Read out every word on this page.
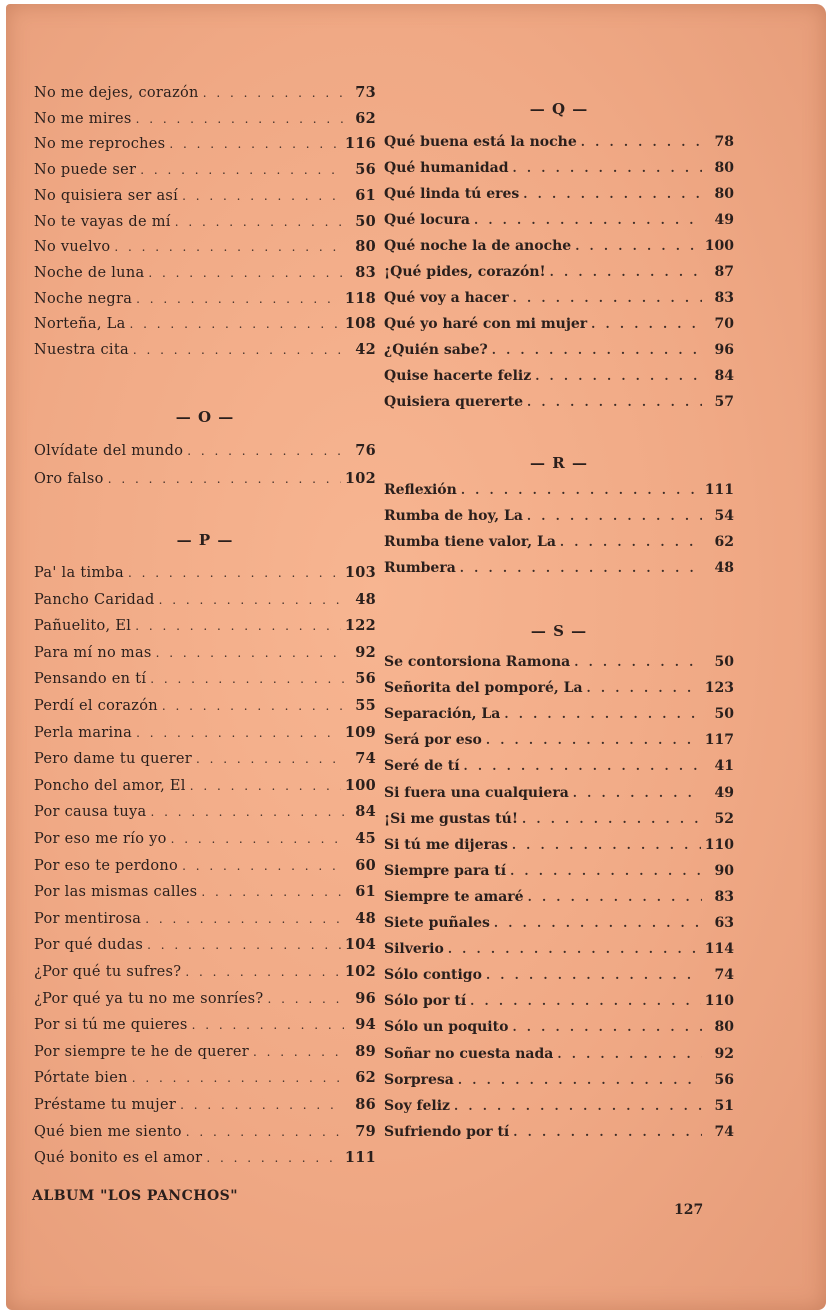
— O —
— P —
No me dejes, corazón . . .	73
No me mires . . .	62
No me reproches . . .	116
No puede ser . . .	56
No quisiera ser así . . .	61
No te vayas de mí . . .	50
No vuelvo . . .	80
Noche de luna . . .	83
Noche negra . . .	118
Norteña, La . . .	108
Nuestra cita . . .	42
Olvídate del mundo . . .	76
Oro falso . . .	102
Pa' la timba . . .	103
Pancho Caridad . . .	48
Pañuelito, El . . .	122
Para mí no mas . . .	92
Pensando en tí . . .	56
Perdí el corazón . . .	55
Perla marina . . .	109
Pero dame tu querer . . .	74
Poncho del amor, El . . .	100
Por causa tuya . . .	84
Por eso me río yo . . .	45
Por eso te perdono . . .	60
Por las mismas calles . . .	61
Por mentirosa . . .	48
Por qué dudas . . .	104
¿Por qué tu sufres? . . .	102
¿Por qué ya tu no me sonríes? . . .	96
Por si tú me quieres . . .	94
Por siempre te he de querer . . .	89
Pórtate bien . . .	62
Préstame tu mujer . . .	86
Qué bien me siento . . .	79
Qué bonito es el amor . . .	111
— Q —
— R —
— S —
Qué buena está la noche . . .	78
Qué humanidad . . .	80
Qué linda tú eres . . .	80
Qué locura . . .	49
Qué noche la de anoche . . .	100
¡Qué pides, corazón! . . .	87
Qué voy a hacer . . .	83
Qué yo haré con mi mujer . . .	70
¿Quién sabe? . . .	96
Quise hacerte feliz . . .	84
Quisiera quererte . . .	57
Reflexión . . .	111
Rumba de hoy, La . . .	54
Rumba tiene valor, La . . .	62
Rumbera . . .	48
Se contorsiona Ramona . . .	50
Señorita del pomporé, La . . .	123
Separación, La . . .	50
Será por eso . . .	117
Seré de tí . . .	41
Si fuera una cualquiera . . .	49
¡Si me gustas tú! . . .	52
Si tú me dijeras . . .	110
Siempre para tí . . .	90
Siempre te amaré . . .	83
Siete puñales . . .	63
Silverio . . .	114
Sólo contigo . . .	74
Sólo por tí . . .	110
Sólo un poquito . . .	80
Soñar no cuesta nada . . .	92
Sorpresa . . .	56
Soy feliz . . .	51
Sufriendo por tí . . .	74
ALBUM "LOS PANCHOS"
127
